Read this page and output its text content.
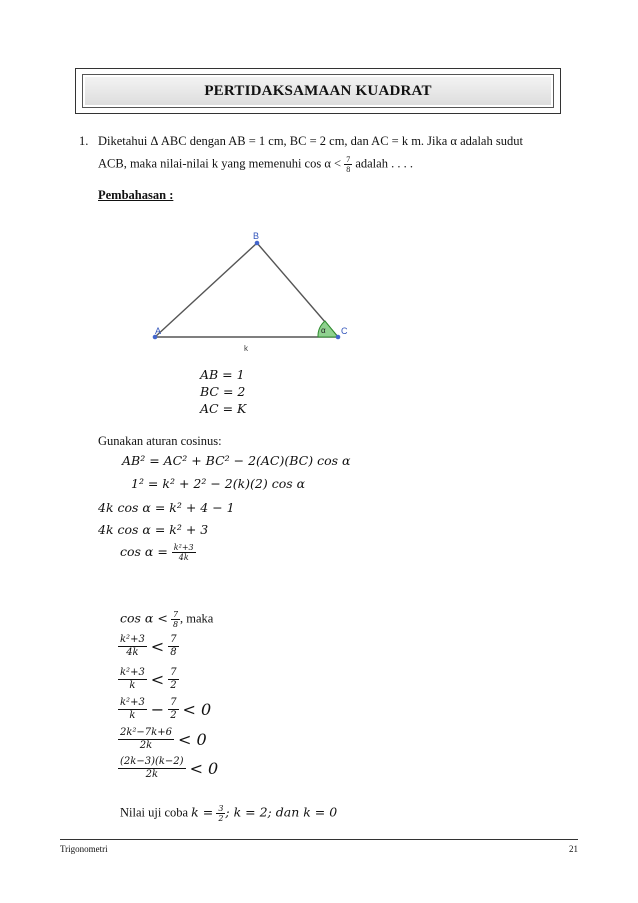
PERTIDAKSAMAAN KUADRAT
1. Diketahui Δ ABC dengan AB = 1 cm, BC = 2 cm, dan AC = k m. Jika α adalah sudut
ACB, maka nilai-nilai k yang memenuhi $\cos \alpha < \frac{7}{8}$ adalah . . . .
Pembahasan :
A
B
C
k
α
AB = 1
BC = 2
AC = K
Gunakan aturan cosinus:
AB² = AC² + BC² − 2(AC)(BC) cos α
1² = k² + 2² − 2(k)(2) cos α
4k cos α = k² + 4 − 1
4k cos α = k² + 3
$\cos \alpha = \frac{\text{k²+3}}{4k}$
$\cos \alpha < \frac{7}{8}$ , maka
$\frac{\text{k²+3}}{4k} < \frac{7}{8}$
$\frac{\text{k²+3}}{k} < \frac{7}{2}$
$\frac{\text{k²+3}}{k} - \frac{7}{2} < 0$
$\frac{\text{2k²−7k+6}}{2k} < 0$
$\frac{(2k-3)(k-2)}{2k} < 0$
Nilai uji coba $k = \frac{3}{2}$ ; k = 2; dan k = 0
Trigonometri	21
